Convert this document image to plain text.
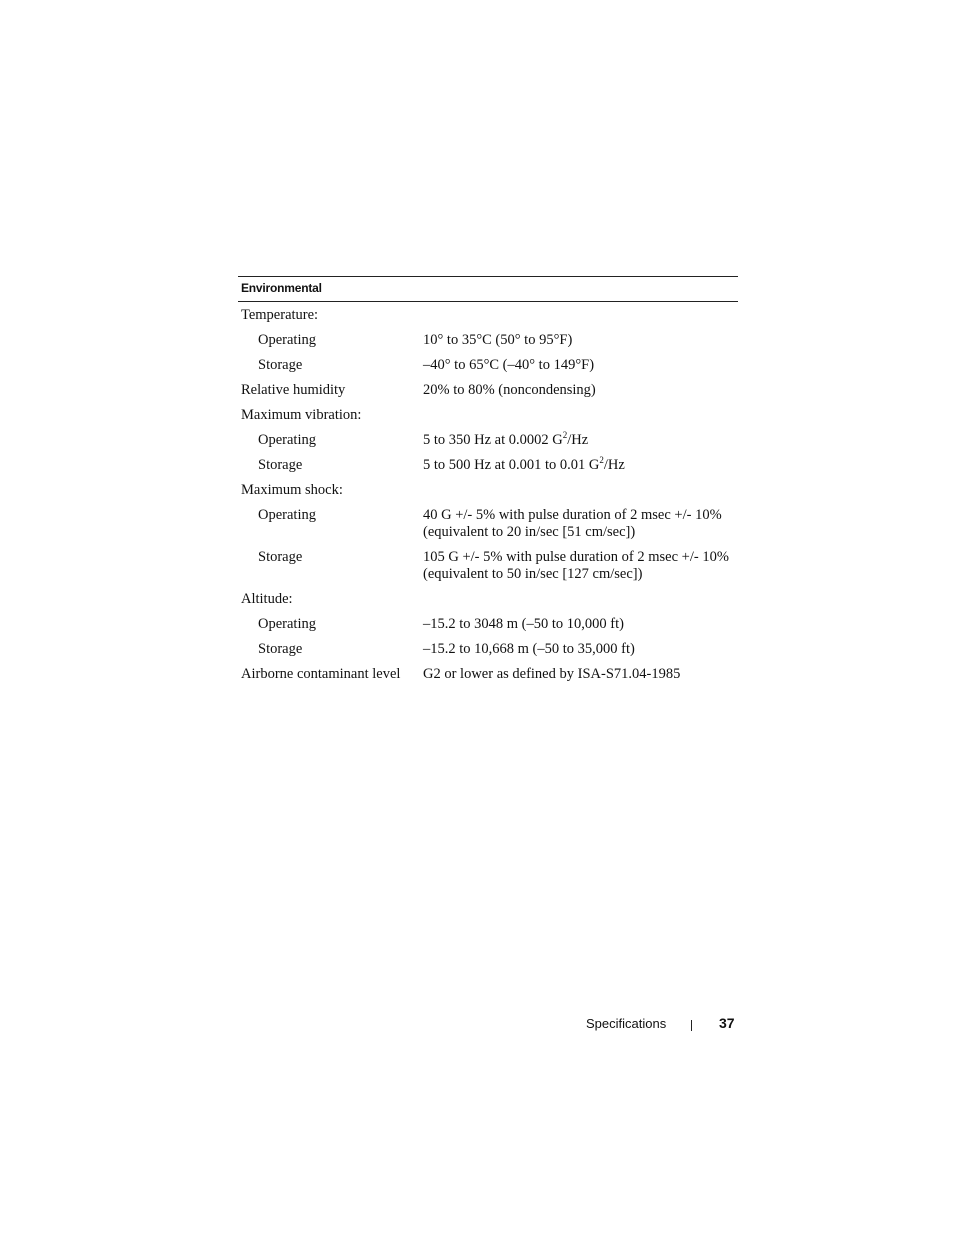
Environmental
Temperature:
Operating	10° to 35°C (50° to 95°F)
Storage	–40° to 65°C (–40° to 149°F)
Relative humidity	20% to 80% (noncondensing)
Maximum vibration:
Operating	5 to 350 Hz at 0.0002 $G^2/Hz$
Storage	5 to 500 Hz at 0.001 to 0.01 $G^2/Hz$
Maximum shock:
Operating	40 G +/- 5% with pulse duration of 2 msec +/- 10%
(equivalent to 20 in/sec [51 cm/sec])
Storage	105 G +/- 5% with pulse duration of 2 msec +/- 10%
(equivalent to 50 in/sec [127 cm/sec])
Altitude:
Operating	–15.2 to 3048 m (–50 to 10,000 ft)
Storage	–15.2 to 10,668 m (–50 to 35,000 ft)
Airborne contaminant level	G2 or lower as defined by ISA-S71.04-1985
Specifications	37
